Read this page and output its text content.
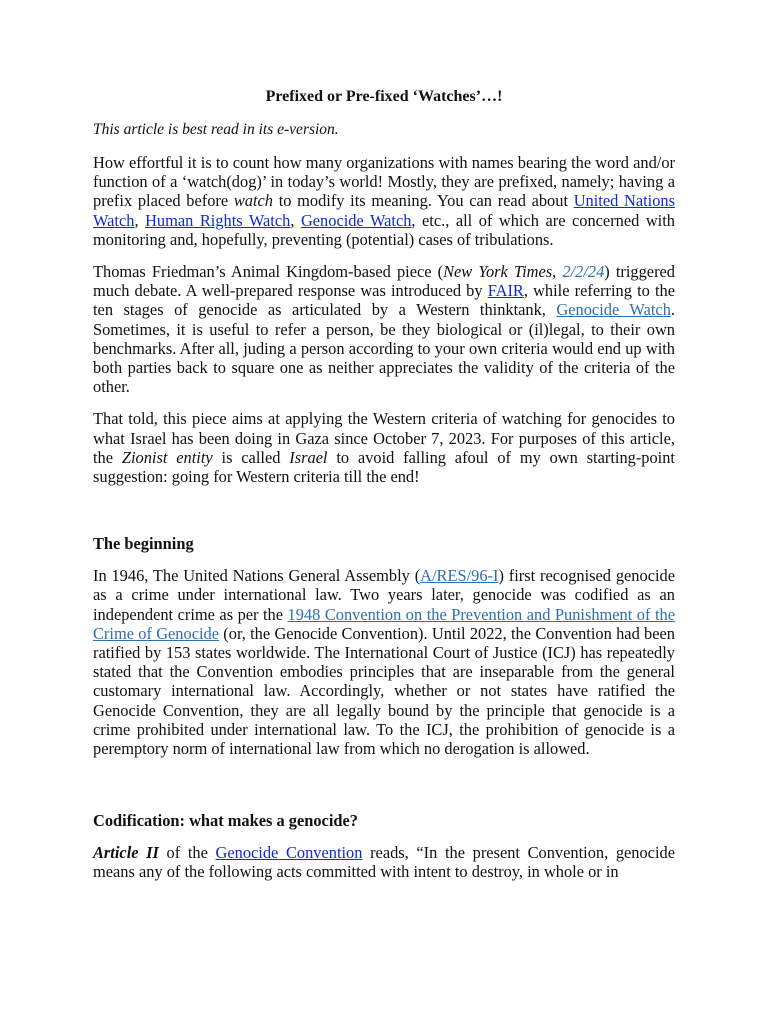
Prefixed or Pre-fixed ‘Watches’…!
This article is best read in its e-version.

How effortful it is to count how many organizations with names bearing the word and/or function of a ‘watch(dog)’ in today’s world! Mostly, they are prefixed, namely; having a prefix placed before watch to modify its meaning. You can read about United Nations Watch, Human Rights Watch, Genocide Watch, etc., all of which are concerned with monitoring and, hopefully, preventing (potential) cases of tribulations.

Thomas Friedman’s Animal Kingdom-based piece (New York Times, 2/2/24) triggered much debate. A well-prepared response was introduced by FAIR, while referring to the ten stages of genocide as articulated by a Western thinktank, Genocide Watch. Sometimes, it is useful to refer a person, be they biological or (il)legal, to their own benchmarks. After all, juding a person according to your own criteria would end up with both parties back to square one as neither appreciates the validity of the criteria of the other.

That told, this piece aims at applying the Western criteria of watching for genocides to what Israel has been doing in Gaza since October 7, 2023. For purposes of this article, the Zionist entity is called Israel to avoid falling afoul of my own starting-point suggestion: going for Western criteria till the end!

The beginning

In 1946, The United Nations General Assembly (A/RES/96-I) first recognised genocide as a crime under international law. Two years later, genocide was codified as an independent crime as per the 1948 Convention on the Prevention and Punishment of the Crime of Genocide (or, the Genocide Convention). Until 2022, the Convention had been ratified by 153 states worldwide. The International Court of Justice (ICJ) has repeatedly stated that the Convention embodies principles that are inseparable from the general customary international law. Accordingly, whether or not states have ratified the Genocide Convention, they are all legally bound by the principle that genocide is a crime prohibited under international law. To the ICJ, the prohibition of genocide is a peremptory norm of international law from which no derogation is allowed.

Codification: what makes a genocide?

Article II of the Genocide Convention reads, “In the present Convention, genocide means any of the following acts committed with intent to destroy, in whole or in
